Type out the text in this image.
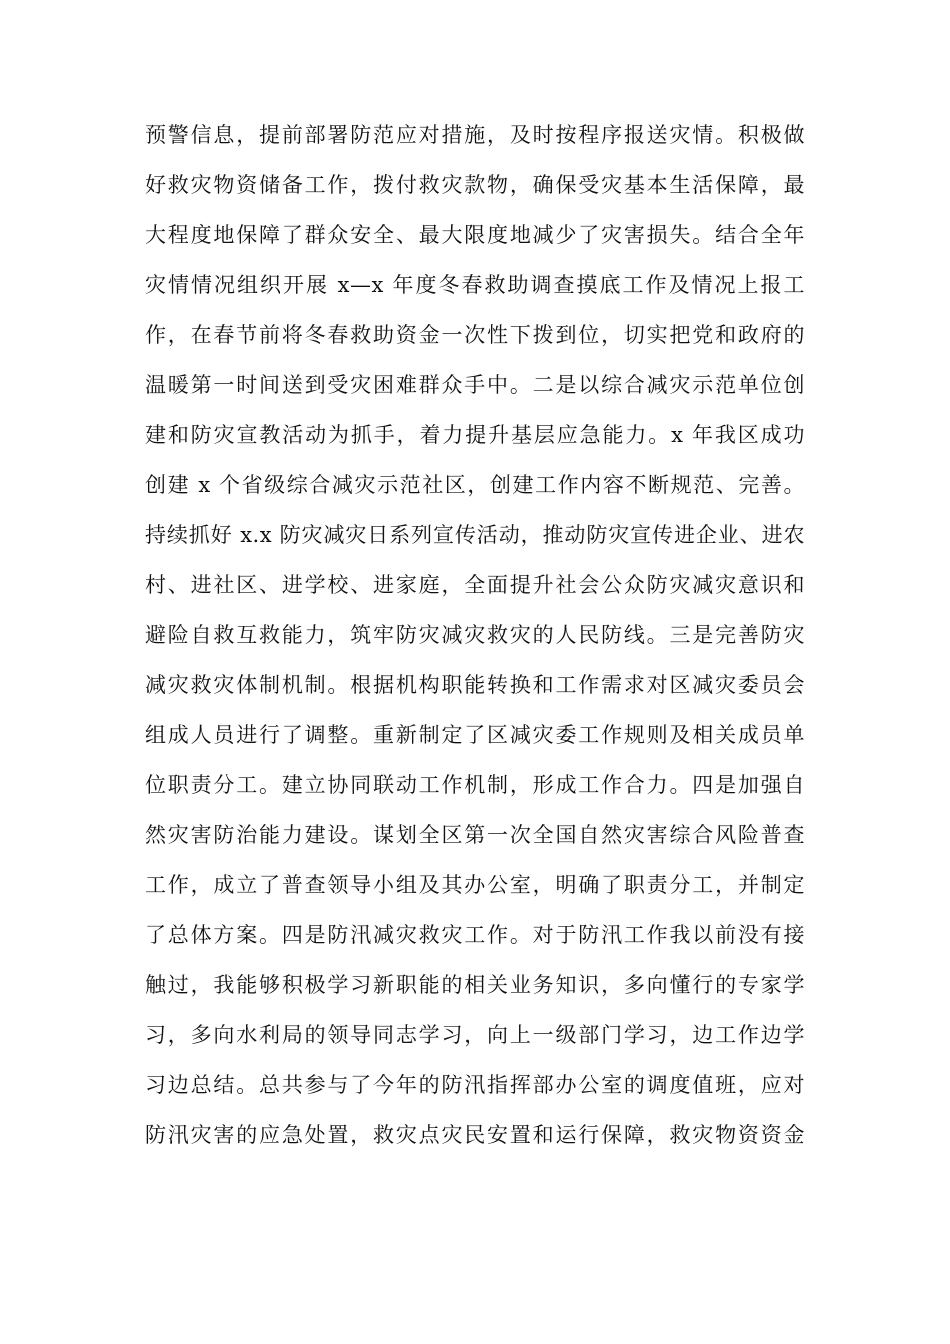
预警信息，提前部署防范应对措施，及时按程序报送灾情。积极做
好救灾物资储备工作，拨付救灾款物，确保受灾基本生活保障，最
大程度地保障了群众安全、最大限度地减少了灾害损失。结合全年
灾情情况组织开展 x—x 年度冬春救助调查摸底工作及情况上报工
作，在春节前将冬春救助资金一次性下拨到位，切实把党和政府的
温暖第一时间送到受灾困难群众手中。二是以综合减灾示范单位创
建和防灾宣教活动为抓手，着力提升基层应急能力。x 年我区成功
创建 x 个省级综合减灾示范社区，创建工作内容不断规范、完善。
持续抓好 x.x 防灾减灾日系列宣传活动，推动防灾宣传进企业、进农
村、进社区、进学校、进家庭，全面提升社会公众防灾减灾意识和
避险自救互救能力，筑牢防灾减灾救灾的人民防线。三是完善防灾
减灾救灾体制机制。根据机构职能转换和工作需求对区减灾委员会
组成人员进行了调整。重新制定了区减灾委工作规则及相关成员单
位职责分工。建立协同联动工作机制，形成工作合力。四是加强自
然灾害防治能力建设。谋划全区第一次全国自然灾害综合风险普查
工作，成立了普查领导小组及其办公室，明确了职责分工，并制定
了总体方案。四是防汛减灾救灾工作。对于防汛工作我以前没有接
触过，我能够积极学习新职能的相关业务知识，多向懂行的专家学
习，多向水利局的领导同志学习，向上一级部门学习，边工作边学
习边总结。总共参与了今年的防汛指挥部办公室的调度值班，应对
防汛灾害的应急处置，救灾点灾民安置和运行保障，救灾物资资金
